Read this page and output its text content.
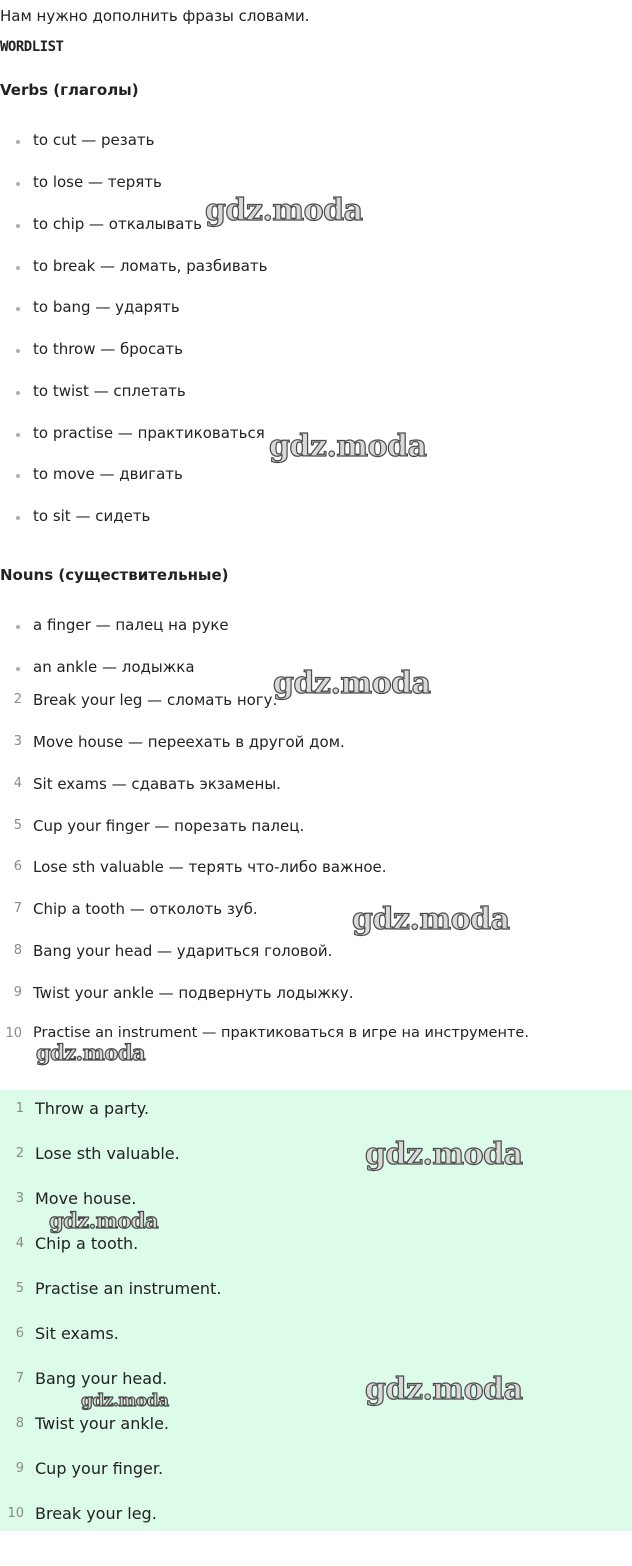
Нам нужно дополнить фразы словами.
WORDLIST
Verbs (глаголы)
to cut — резать
to lose — терять
to chip — откалывать
to break — ломать, разбивать
to bang — ударять
to throw — бросать
to twist — сплетать
to practise — практиковаться
to move — двигать
to sit — сидеть
Nouns (существительные)
a finger — палец на руке
an ankle — лодыжка
2 Break your leg — сломать ногу.
3 Move house — переехать в другой дом.
4 Sit exams — сдавать экзамены.
5 Cup your finger — порезать палец.
6 Lose sth valuable — терять что-либо важное.
7 Chip a tooth — отколоть зуб.
8 Bang your head — удариться головой.
9 Twist your ankle — подвернуть лодыжку.
10 Practise an instrument — практиковаться в игре на инструменте.
1 Throw a party.
2 Lose sth valuable.
3 Move house.
4 Chip a tooth.
5 Practise an instrument.
6 Sit exams.
7 Bang your head.
8 Twist your ankle.
9 Cup your finger.
10 Break your leg.
gdz.moda
gdz.moda
gdz.moda
gdz.moda
gdz.moda
gdz.moda
gdz.moda
gdz.moda	gdz.moda
